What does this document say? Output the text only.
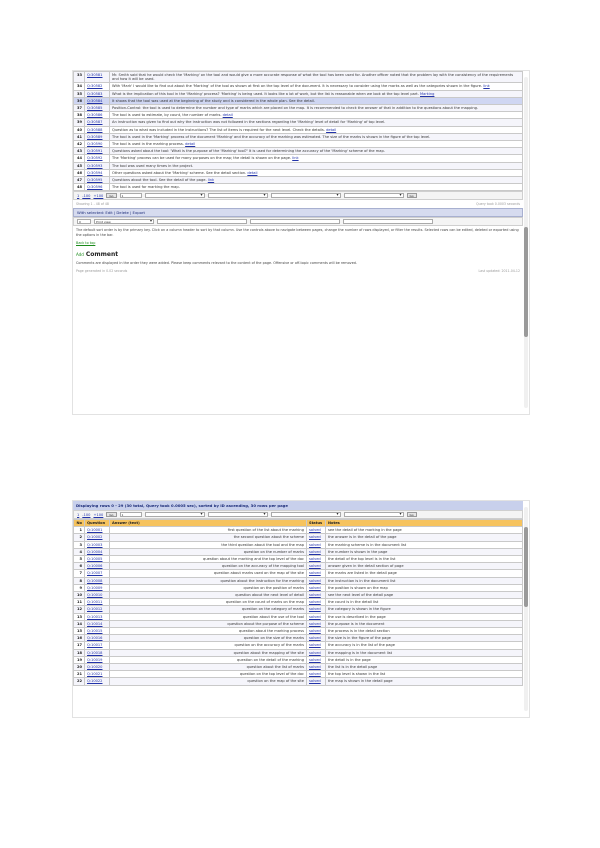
33	Q:30581	Mr. Smith said that he would check the 'Marking' on the tool and would give a more accurate response of what the tool has been used for. Another officer noted that the problem lay with the consistency of the requirements and how it will be used.
34	Q:30582	With 'Mark' I would like to find out about the 'Marking' of the tool as shown at first on the top level of the document. It is necessary to consider using the marks as well as the categories shown in the figure. link
35	Q:30583	What is the implication of this tool in the 'Marking' process? 'Marking' is being used. It looks like a lot of work, but the list is reasonable when we look at the top level part. Marking
36	Q:30584	It shows that the tool was used at the beginning of the study and is considered in the whole plan. See the detail.
37	Q:30585	Position-Control: the tool is used to determine the number and type of marks which are placed on the map. It is recommended to check the answer of that in addition to the questions about the mapping.
38	Q:30586	The tool is used to estimate, by count, the number of marks. detail
39	Q:30587	An instruction was given to find out why the instruction was not followed in the sections regarding the 'Marking' level of detail for 'Marking' of top level.
40	Q:30588	Question as to what was included in the instructions? The list of items is required for the next level. Check the details. detail
41	Q:30589	The tool is used in the 'Marking' process of the document 'Marking' and the accuracy of the marking was estimated. The size of the marks is shown in the figure of the top level.
42	Q:30590	The tool is used in the marking process. detail
43	Q:30591	Questions asked about the tool: 'What is the purpose of the 'Marking' tool?' It is used for determining the accuracy of the 'Marking' scheme of the map.
44	Q:30592	The 'Marking' process can be used for many purposes on the map; the detail is shown on the page. link
45	Q:30593	The tool was used many times in the project.
46	Q:30594	Other questions asked about the 'Marking' scheme. See the detail section. detail
47	Q:30595	Questions about the tool. See the detail of the page. link
48	Q:30596	The tool is used for marking the map.
1 -100 +100	Go	1 ▾ ▾ ▾ ▾	Go
Showing 1 - 48 of 48	Query took 0.0003 seconds
With selected: Edit | Delete | Export
0	Print view ▾
The default sort order is by the primary key. Click on a column header to sort by that column. Use the controls above to navigate between pages, change the number of rows displayed, or filter the results. Selected rows can be edited, deleted or exported using the options in the bar.
Back to top
Add Comment
Comments are displayed in the order they were added. Please keep comments relevant to the content of the page. Offensive or off-topic comments will be removed.
Page generated in 0.02 seconds	Last updated: 2011-04-12
Displaying rows 0 - 29 (30 total, Query took 0.0005 sec), sorted by ID ascending, 30 rows per page
1 -100 +100	Go	1 ▾ ▾ ▾ ▾	Go
No	Question	Answer (text)	Status	Notes
1	Q:10001	first question of the list about the marking	solved	see the detail of the marking in the page
2	Q:10002	the second question about the scheme	solved	the answer is in the detail of the page
3	Q:10003	the third question about the tool and the map	solved	the marking scheme is in the document list
4	Q:10004	question on the number of marks	solved	the number is shown in the page
5	Q:10005	question about the marking and the top level of the doc	solved	the detail of the top level is in the list
6	Q:10006	question on the accuracy of the mapping tool	solved	answer given in the detail section of page
7	Q:10007	question about marks used on the map of the site	solved	the marks are listed in the detail page
8	Q:10008	question about the instruction for the marking	solved	the instruction is in the document list
9	Q:10009	question on the position of marks	solved	the position is shown on the map
10	Q:10010	question about the next level of detail	solved	see the next level of the detail page
11	Q:10011	question on the count of marks on the map	solved	the count is in the detail list
12	Q:10012	question on the category of marks	solved	the category is shown in the figure
13	Q:10013	question about the use of the tool	solved	the use is described in the page
14	Q:10014	question about the purpose of the scheme	solved	the purpose is in the document
15	Q:10015	question about the marking process	solved	the process is in the detail section
16	Q:10016	question on the size of the marks	solved	the size is in the figure of the page
17	Q:10017	question on the accuracy of the marks	solved	the accuracy is in the list of the page
18	Q:10018	question about the mapping of the site	solved	the mapping is in the document list
19	Q:10019	question on the detail of the marking	solved	the detail is in the page
20	Q:10020	question about the list of marks	solved	the list is in the detail page
21	Q:10021	question on the top level of the doc	solved	the top level is shown in the list
22	Q:10022	question on the map of the site	solved	the map is shown in the detail page
